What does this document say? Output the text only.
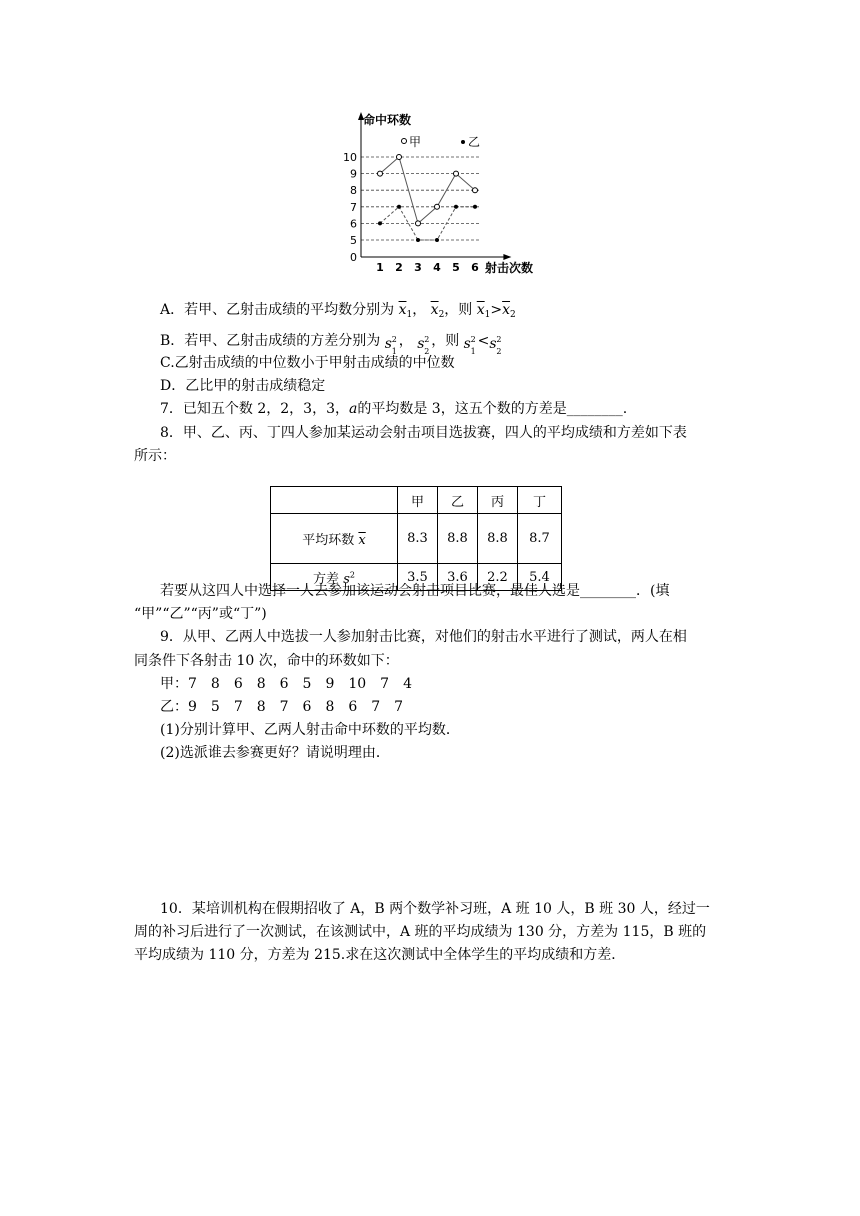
0
5
6
7
8
9
10
1 2 3 4 5 6
命中环数
射击次数
甲	乙
A．若甲、乙射击成绩的平均数分别为 $\overline{x}_1$， $\overline{x}_2$，则 $\overline{x}_1>\overline{x}_2$
B．若甲、乙射击成绩的方差分别为 s 2
1
， s 2
2
，则 s 2
1
< s 2
2
C.乙射击成绩的中位数小于甲射击成绩的中位数
D．乙比甲的射击成绩稳定
7．已知五个数 2，2，3，3，a的平均数是 3，这五个数的方差是________.
8．甲、乙、丙、丁四人参加某运动会射击项目选拔赛，四人的平均成绩和方差如下表
所示：
	甲	乙	丙	丁
平均环数 $\overline{x}$	8.3	8.8	8.8	8.7
方差 $s^2$	3.5	3.6	2.2	5.4
若要从这四人中选择一人去参加该运动会射击项目比赛，最佳人选是________．(填
“甲”“乙”“丙”或“丁”)
9．从甲、乙两人中选拔一人参加射击比赛，对他们的射击水平进行了测试，两人在相
同条件下各射击 10 次，命中的环数如下：
甲：7　8　6　8　6　5　9　10　7　4
乙：9　5　7　8　7　6　8　6　7　7
(1)分别计算甲、乙两人射击命中环数的平均数．
(2)选派谁去参赛更好？请说明理由．
10．某培训机构在假期招收了 A，B 两个数学补习班，A 班 10 人，B 班 30 人，经过一
周的补习后进行了一次测试，在该测试中，A 班的平均成绩为 130 分，方差为 115，B 班的
平均成绩为 110 分，方差为 215.求在这次测试中全体学生的平均成绩和方差．
